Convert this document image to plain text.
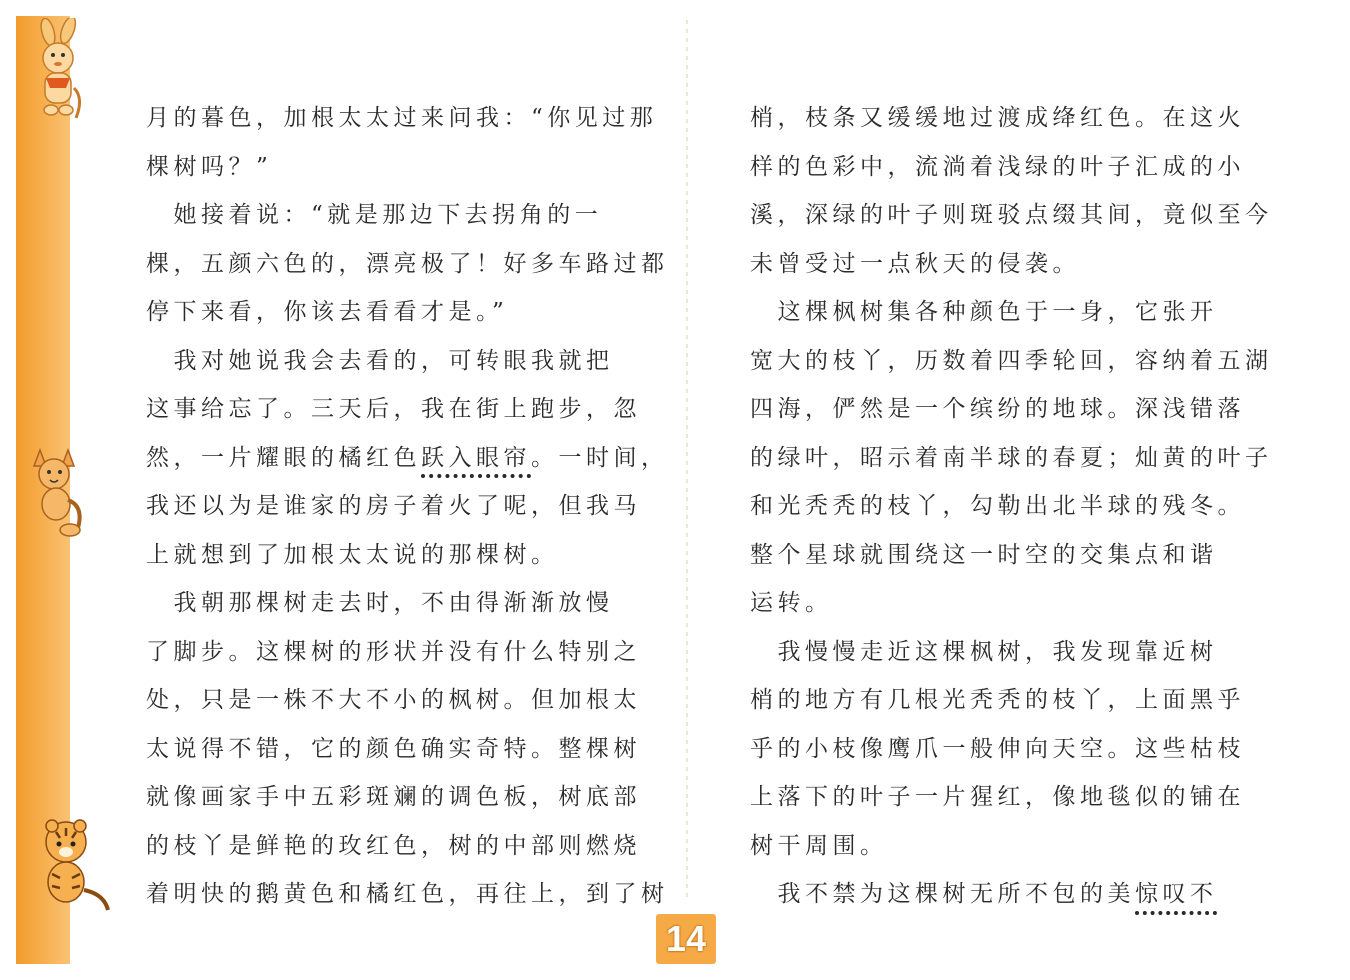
月的暮色，加根太太过来问我：“你见过那

棵树吗？”

　她接着说：“就是那边下去拐角的一

棵，五颜六色的，漂亮极了！好多车路过都

停下来看，你该去看看才是。”

　我对她说我会去看的，可转眼我就把

这事给忘了。三天后，我在街上跑步，忽

然，一片耀眼的橘红色跃入眼帘。一时间，

我还以为是谁家的房子着火了呢，但我马

上就想到了加根太太说的那棵树。

　我朝那棵树走去时，不由得渐渐放慢

了脚步。这棵树的形状并没有什么特别之

处，只是一株不大不小的枫树。但加根太

太说得不错，它的颜色确实奇特。整棵树

就像画家手中五彩斑斓的调色板，树底部

的枝丫是鲜艳的玫红色，树的中部则燃烧

着明快的鹅黄色和橘红色，再往上，到了树

梢，枝条又缓缓地过渡成绛红色。在这火

样的色彩中，流淌着浅绿的叶子汇成的小

溪，深绿的叶子则斑驳点缀其间，竟似至今

未曾受过一点秋天的侵袭。

　这棵枫树集各种颜色于一身，它张开

宽大的枝丫，历数着四季轮回，容纳着五湖

四海，俨然是一个缤纷的地球。深浅错落

的绿叶，昭示着南半球的春夏；灿黄的叶子

和光秃秃的枝丫，勾勒出北半球的残冬。

整个星球就围绕这一时空的交集点和谐

运转。

　我慢慢走近这棵枫树，我发现靠近树

梢的地方有几根光秃秃的枝丫，上面黑乎

乎的小枝像鹰爪一般伸向天空。这些枯枝

上落下的叶子一片猩红，像地毯似的铺在

树干周围。

　我不禁为这棵树无所不包的美惊叹不

14
